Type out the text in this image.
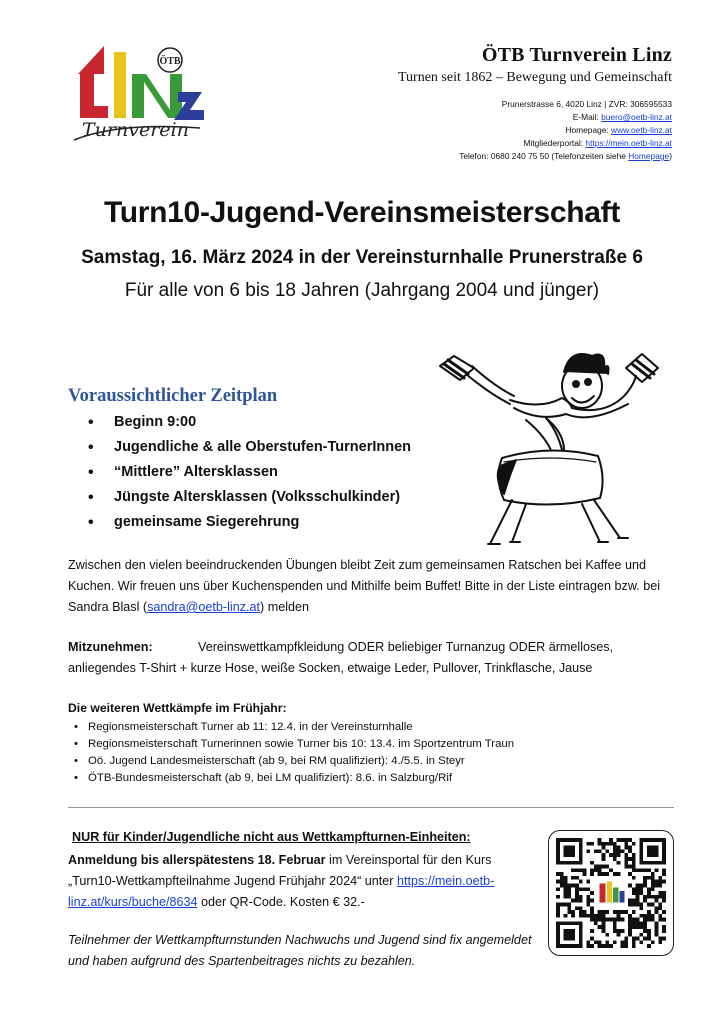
ÖTB
Turnverein
ÖTB Turnverein Linz
Turnen seit 1862 – Bewegung und Gemeinschaft
Prunerstrasse 6, 4020 Linz | ZVR: 306595533
E-Mail: buero@oetb-linz.at
Homepage: www.oetb-linz.at
Mitgliederportal: https://mein.oetb-linz.at
Telefon: 0680 240 75 50 (Telefonzeiten siehe Homepage)
Turn10-Jugend-Vereinsmeisterschaft
Samstag, 16. März 2024 in der Vereinsturnhalle Prunerstraße 6
Für alle von 6 bis 18 Jahren (Jahrgang 2004 und jünger)
Voraussichtlicher Zeitplan
• Beginn 9:00
• Jugendliche & alle Oberstufen-TurnerInnen
• “Mittlere” Altersklassen
• Jüngste Altersklassen (Volksschulkinder)
• gemeinsame Siegerehrung
Zwischen den vielen beeindruckenden Übungen bleibt Zeit zum gemeinsamen Ratschen bei Kaffee und Kuchen. Wir freuen uns über Kuchenspenden und Mithilfe beim Buffet! Bitte in der Liste eintragen bzw. bei Sandra Blasl (sandra@oetb-linz.at) melden
Mitzunehmen:	Vereinswettkampfkleidung ODER beliebiger Turnanzug ODER ärmelloses, anliegendes T-Shirt + kurze Hose, weiße Socken, etwaige Leder, Pullover, Trinkflasche, Jause
Die weiteren Wettkämpfe im Frühjahr:
• Regionsmeisterschaft Turner ab 11: 12.4. in der Vereinsturnhalle
• Regionsmeisterschaft Turnerinnen sowie Turner bis 10: 13.4. im Sportzentrum Traun
• Oö. Jugend Landesmeisterschaft (ab 9, bei RM qualifiziert): 4./5.5. in Steyr
• ÖTB-Bundesmeisterschaft (ab 9, bei LM qualifiziert): 8.6. in Salzburg/Rif
NUR für Kinder/Jugendliche nicht aus Wettkampfturnen-Einheiten:
Anmeldung bis allerspätestens 18. Februar im Vereinsportal für den Kurs „Turn10-Wettkampfteilnahme Jugend Frühjahr 2024“ unter https://mein.oetb-linz.at/kurs/buche/8634 oder QR-Code. Kosten € 32.-
Teilnehmer der Wettkampfturnstunden Nachwuchs und Jugend sind fix angemeldet und haben aufgrund des Spartenbeitrages nichts zu bezahlen.
